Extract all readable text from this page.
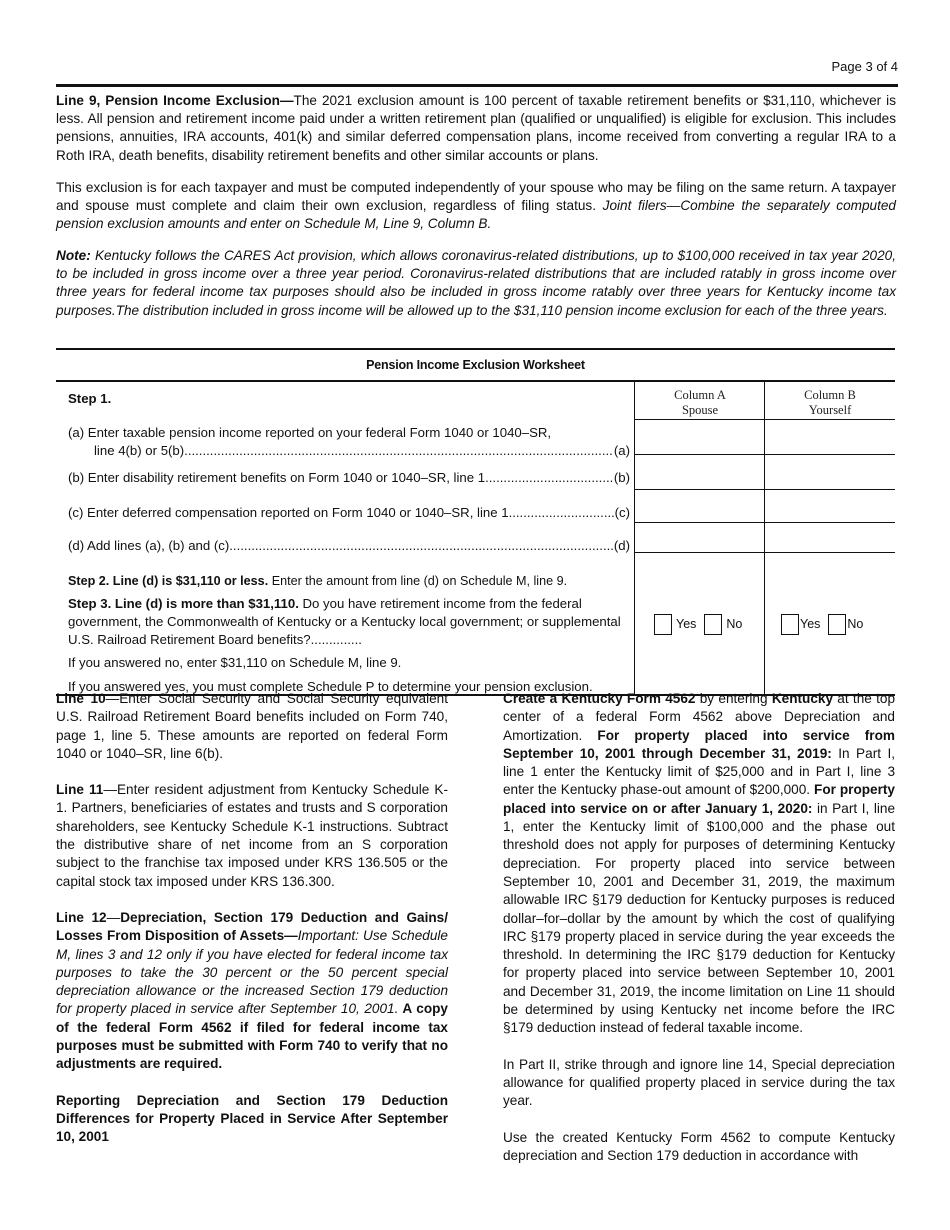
Page 3 of 4
Line 9, Pension Income Exclusion—The 2021 exclusion amount is 100 percent of taxable retirement benefits or $31,110, whichever is less. All pension and retirement income paid under a written retirement plan (qualified or unqualified) is eligible for exclusion. This includes pensions, annuities, IRA accounts, 401(k) and similar deferred compensation plans, income received from converting a regular IRA to a Roth IRA, death benefits, disability retirement benefits and other similar accounts or plans.
This exclusion is for each taxpayer and must be computed independently of your spouse who may be filing on the same return. A taxpayer and spouse must complete and claim their own exclusion, regardless of filing status. Joint filers—Combine the separately computed pension exclusion amounts and enter on Schedule M, Line 9, Column B.
Note: Kentucky follows the CARES Act provision, which allows coronavirus-related distributions, up to $100,000 received in tax year 2020, to be included in gross income over a three year period. Coronavirus-related distributions that are included ratably in gross income over three years for federal income tax purposes should also be included in gross income ratably over three years for Kentucky income tax purposes.The distribution included in gross income will be allowed up to the $31,110 pension income exclusion for each of the three years.
Pension Income Exclusion Worksheet
Step 1.
(a) Enter taxable pension income reported on your federal Form 1040 or 1040–SR,
line 4(b) or 5(b) .....	(a)
(b) Enter disability retirement benefits on Form 1040 or 1040–SR, line 1 .....	(b)
(c) Enter deferred compensation reported on Form 1040 or 1040–SR, line 1 .....	(c)
(d) Add lines (a), (b) and (c) .....	(d)
Step 2. Line (d) is $31,110 or less. Enter the amount from line (d) on Schedule M, line 9.
Step 3. Line (d) is more than $31,110. Do you have retirement income from the federal government, the Commonwealth of Kentucky or a Kentucky local government; or supplemental U.S. Railroad Retirement Board benefits?..............
If you answered no, enter $31,110 on Schedule M, line 9.
If you answered yes, you must complete Schedule P to determine your pension exclusion.
Column A
Spouse
Column B
Yourself
Yes No	Yes No

Line 10—Enter Social Security and Social Security equivalent U.S. Railroad Retirement Board benefits included on Form 740, page 1, line 5. These amounts are reported on federal Form 1040 or 1040–SR, line 6(b).

Line 11—Enter resident adjustment from Kentucky Schedule K-1. Partners, beneficiaries of estates and trusts and S corporation shareholders, see Kentucky Schedule K-1 instructions. Subtract the distributive share of net income from an S corporation subject to the franchise tax imposed under KRS 136.505 or the capital stock tax imposed under KRS 136.300.

Line 12—Depreciation, Section 179 Deduction and Gains/ Losses From Disposition of Assets—Important: Use Schedule M, lines 3 and 12 only if you have elected for federal income tax purposes to take the 30 percent or the 50 percent special depreciation allowance or the increased Section 179 deduction for property placed in service after September 10, 2001. A copy of the federal Form 4562 if filed for federal income tax purposes must be submitted with Form 740 to verify that no adjustments are required.

Reporting Depreciation and Section 179 Deduction Differences for Property Placed in Service After September 10, 2001

Create a Kentucky Form 4562 by entering Kentucky at the top center of a federal Form 4562 above Depreciation and Amortization. For property placed into service from September 10, 2001 through December 31, 2019: In Part I, line 1 enter the Kentucky limit of $25,000 and in Part I, line 3 enter the Kentucky phase-out amount of $200,000. For property placed into service on or after January 1, 2020: in Part I, line 1, enter the Kentucky limit of $100,000 and the phase out threshold does not apply for purposes of determining Kentucky depreciation. For property placed into service between September 10, 2001 and December 31, 2019, the maximum allowable IRC §179 deduction for Kentucky purposes is reduced dollar–for–dollar by the amount by which the cost of qualifying IRC §179 property placed in service during the year exceeds the threshold. In determining the IRC §179 deduction for Kentucky for property placed into service between September 10, 2001 and December 31, 2019, the income limitation on Line 11 should be determined by using Kentucky net income before the IRC §179 deduction instead of federal taxable income.

In Part II, strike through and ignore line 14, Special depreciation allowance for qualified property placed in service during the tax year.

Use the created Kentucky Form 4562 to compute Kentucky depreciation and Section 179 deduction in accordance with
